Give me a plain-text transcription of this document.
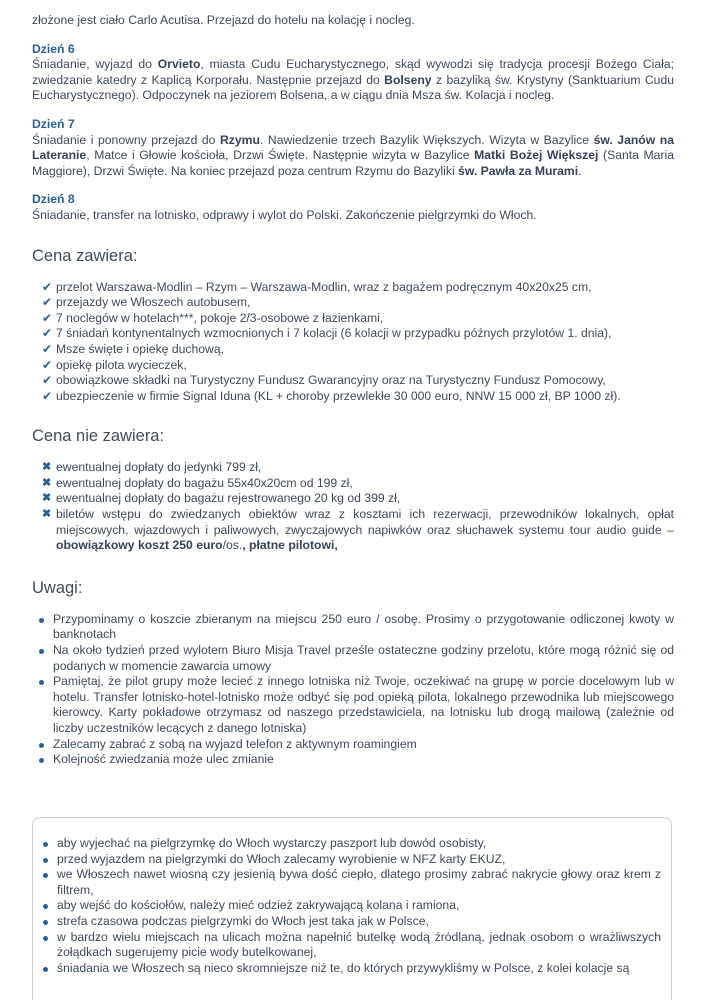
złożone jest ciało Carlo Acutisa. Przejazd do hotelu na kolację i nocleg.

Dzień 6

Śniadanie, wyjazd do Orvieto, miasta Cudu Eucharystycznego, skąd wywodzi się tradycja procesji Bożego Ciała; zwiedzanie katedry z Kaplicą Korporału. Następnie przejazd do Bolseny z bazyliką św. Krystyny (Sanktuarium Cudu Eucharystycznego). Odpoczynek na jeziorem Bolsena, a w ciągu dnia Msza św. Kolacja i nocleg.

Dzień 7

Śniadanie i ponowny przejazd do Rzymu. Nawiedzenie trzech Bazylik Większych. Wizyta w Bazylice św. Janów na Lateranie, Matce i Głowie kościoła, Drzwi Święte. Następnie wizyta w Bazylice Matki Bożej Większej (Santa Maria Maggiore), Drzwi Święte. Na koniec przejazd poza centrum Rzymu do Bazyliki św. Pawła za Murami.

Dzień 8

Śniadanie, transfer na lotnisko, odprawy i wylot do Polski. Zakończenie pielgrzymki do Włoch.

Cena zawiera:
✔ przelot Warszawa-Modlin – Rzym – Warszawa-Modlin, wraz z bagażem podręcznym 40x20x25 cm,
✔ przejazdy we Włoszech autobusem,
✔ 7 noclegów w hotelach***, pokoje 2/3-osobowe z łazienkami,
✔ 7 śniadań kontynentalnych wzmocnionych i 7 kolacji (6 kolacji w przypadku późnych przylotów 1. dnia),
✔ Msze święte i opiekę duchową,
✔ opiekę pilota wycieczek,
✔ obowiązkowe składki na Turystyczny Fundusz Gwarancyjny oraz na Turystyczny Fundusz Pomocowy,
✔ ubezpieczenie w firmie Signal Iduna (KL + choroby przewlekłe 30 000 euro, NNW 15 000 zł, BP 1000 zł).
Cena nie zawiera:
✖ ewentualnej dopłaty do jedynki 799 zł,
✖ ewentualnej dopłaty do bagażu 55x40x20cm od 199 zł,
✖ ewentualnej dopłaty do bagażu rejestrowanego 20 kg od 399 zł,
✖ biletów wstępu do zwiedzanych obiektów wraz z kosztami ich rezerwacji, przewodników lokalnych, opłat miejscowych, wjazdowych i paliwowych, zwyczajowych napiwków oraz słuchawek systemu tour audio guide – obowiązkowy koszt 250 euro/os., płatne pilotowi,
Uwagi:
Przypominamy o koszcie zbieranym na miejscu 250 euro / osobę. Prosimy o przygotowanie odliczonej kwoty w banknotach
Na około tydzień przed wylotem Biuro Misja Travel prześle ostateczne godziny przelotu, które mogą różnić się od podanych w momencie zawarcia umowy
Pamiętaj, że pilot grupy może lecieć z innego lotniska niż Twoje, oczekiwać na grupę w porcie docelowym lub w hotelu. Transfer lotnisko-hotel-lotnisko może odbyć się pod opieką pilota, lokalnego przewodnika lub miejscowego kierowcy. Karty pokładowe otrzymasz od naszego przedstawiciela, na lotnisku lub drogą mailową (zależnie od liczby uczestników lecących z danego lotniska)
Zalecamy zabrać z sobą na wyjazd telefon z aktywnym roamingiem
Kolejność zwiedzania może ulec zmianie
aby wyjechać na pielgrzymkę do Włoch wystarczy paszport lub dowód osobisty,
przed wyjazdem na pielgrzymki do Włoch zalecamy wyrobienie w NFZ karty EKUZ,
we Włoszech nawet wiosną czy jesienią bywa dość ciepło, dlatego prosimy zabrać nakrycie głowy oraz krem z filtrem,
aby wejść do kościołów, należy mieć odzież zakrywającą kolana i ramiona,
strefa czasowa podczas pielgrzymki do Włoch jest taka jak w Polsce,
w bardzo wielu miejscach na ulicach można napełnić butelkę wodą źródlaną, jednak osobom o wrażliwszych żołądkach sugerujemy picie wody butelkowanej,
śniadania we Włoszech są nieco skromniejsze niż te, do których przywykliśmy w Polsce, z kolei kolacje są
